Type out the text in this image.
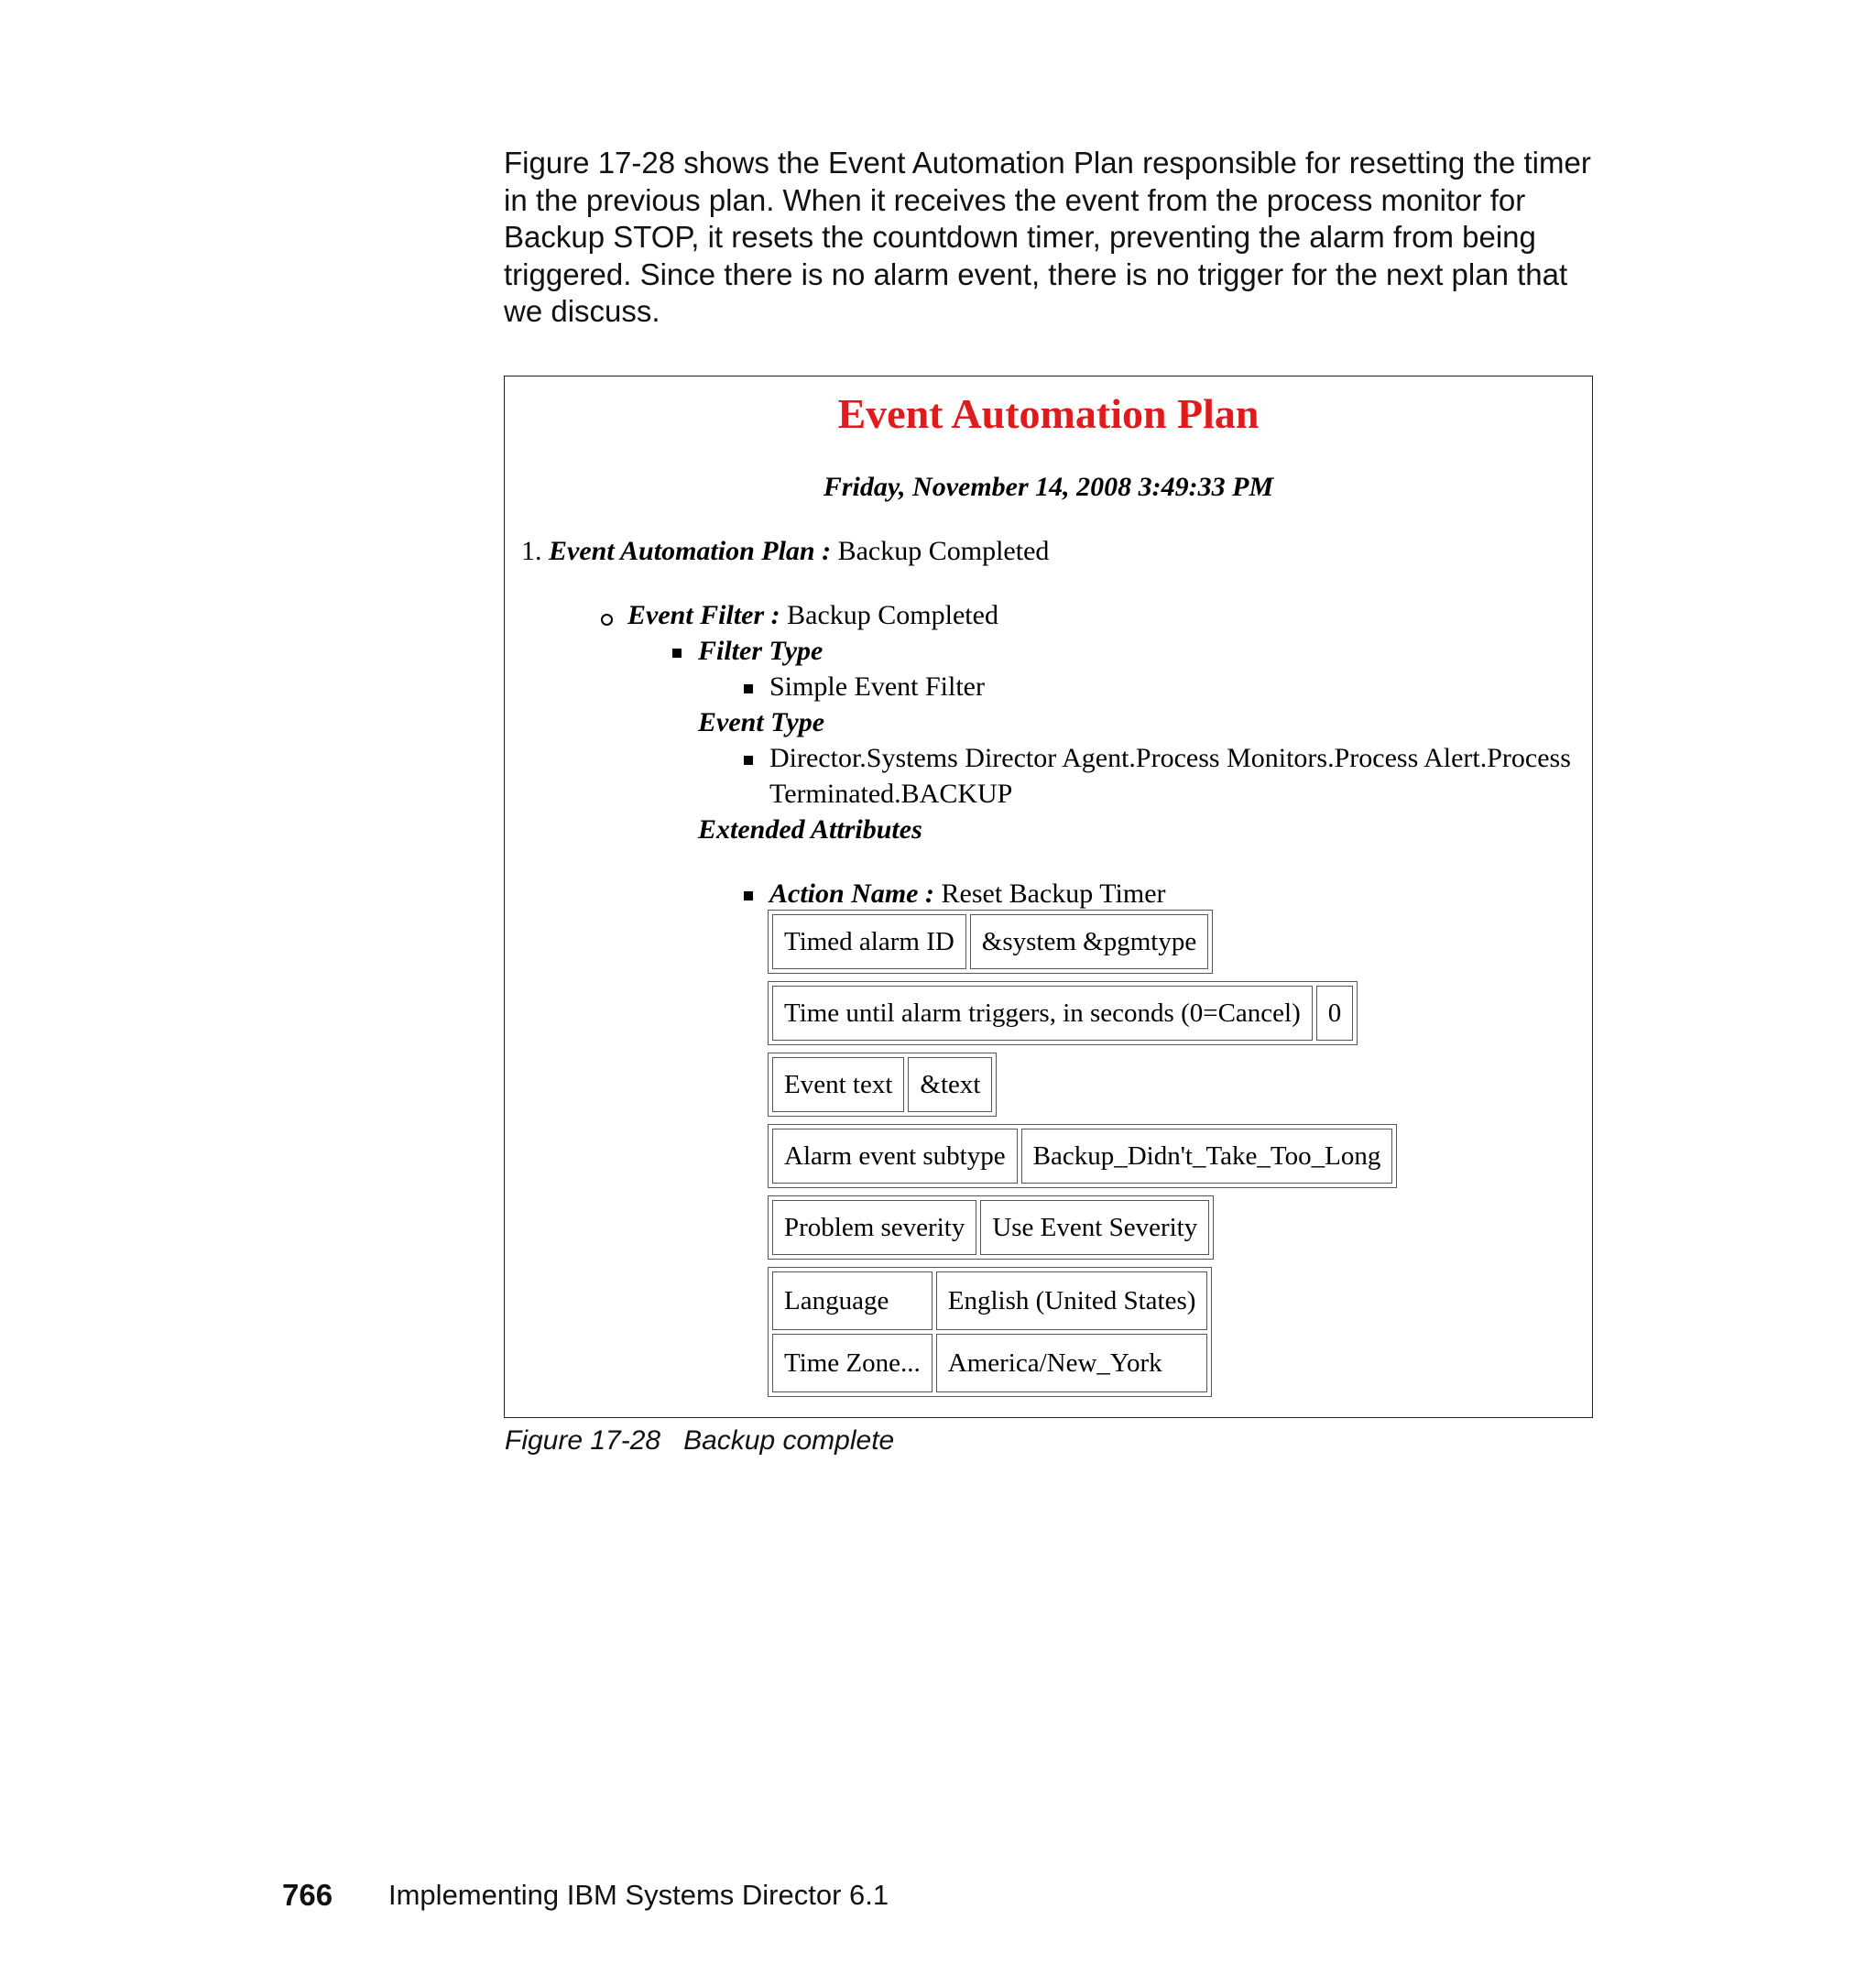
Figure 17-28 shows the Event Automation Plan responsible for resetting the timer in the previous plan. When it receives the event from the process monitor for Backup STOP, it resets the countdown timer, preventing the alarm from being triggered. Since there is no alarm event, there is no trigger for the next plan that we discuss.

Event Automation Plan

Friday, November 14, 2008 3:49:33 PM

1. Event Automation Plan : Backup Completed

Event Filter : Backup Completed

Filter Type

Simple Event Filter

Event Type

Director.Systems Director Agent.Process Monitors.Process Alert.Process

Terminated.BACKUP

Extended Attributes

Action Name : Reset Backup Timer

Timed alarm ID	&system &pgmtype
Time until alarm triggers, in seconds (0=Cancel)	0
Event text	&text
Alarm event subtype	Backup_Didn't_Take_Too_Long
Problem severity	Use Event Severity
Language	English (United States)
Time Zone...	America/New_York

Figure 17-28   Backup complete

766 Implementing IBM Systems Director 6.1
